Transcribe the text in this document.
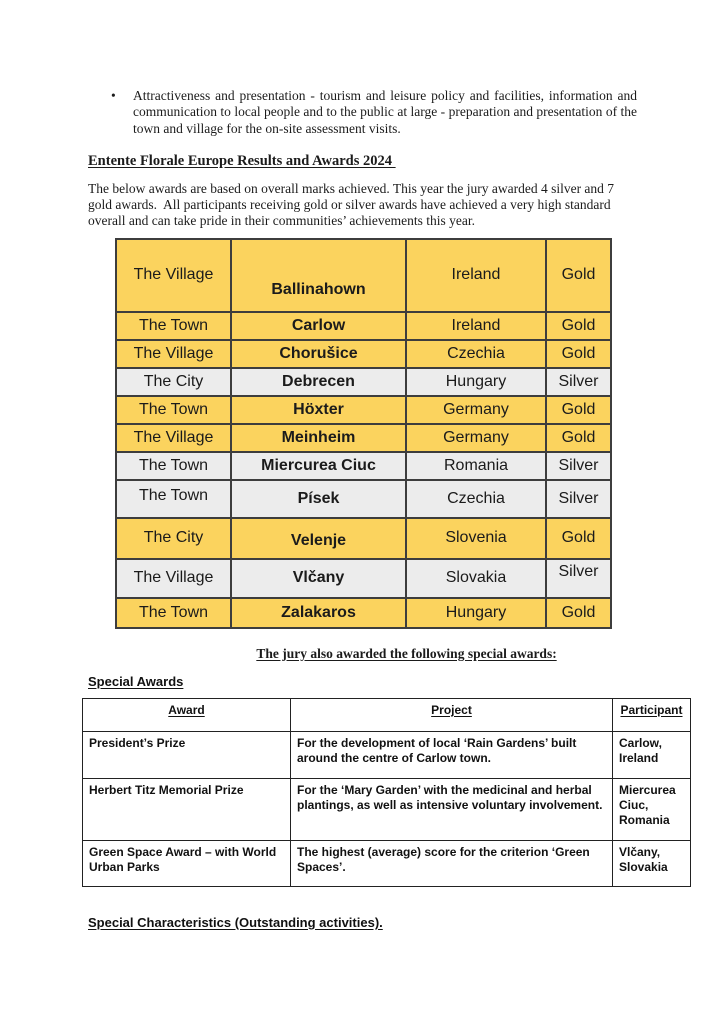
•	Attractiveness and presentation - tourism and leisure policy and facilities, information and communication to local people and to the public at large - preparation and presentation of the town and village for the on-site assessment visits.
Entente Florale Europe Results and Awards 2024

The below awards are based on overall marks achieved. This year the jury awarded 4 silver and 7 gold awards.  All participants receiving gold or silver awards have achieved a very high standard overall and can take pride in their communities’ achievements this year.

The Village	Ballinahown	Ireland	Gold
The Town	Carlow	Ireland	Gold
The Village	Chorušice	Czechia	Gold
The City	Debrecen	Hungary	Silver
The Town	Höxter	Germany	Gold
The Village	Meinheim	Germany	Gold
The Town	Miercurea Ciuc	Romania	Silver
The Town	Písek	Czechia	Silver
The City	Velenje	Slovenia	Gold
The Village	Vlčany	Slovakia	Silver
The Town	Zalakaros	Hungary	Gold
The jury also awarded the following special awards:
Special Awards
Award	Project	Participant
President’s Prize	For the development of local ‘Rain Gardens’ built around the centre of Carlow town.	Carlow, Ireland
Herbert Titz Memorial Prize	For the ‘Mary Garden’ with the medicinal and herbal plantings, as well as intensive voluntary involvement.	Miercurea Ciuc, Romania
Green Space Award – with World Urban Parks	The highest (average) score for the criterion ‘Green Spaces’.	Vlčany, Slovakia
Special Characteristics (Outstanding activities).
